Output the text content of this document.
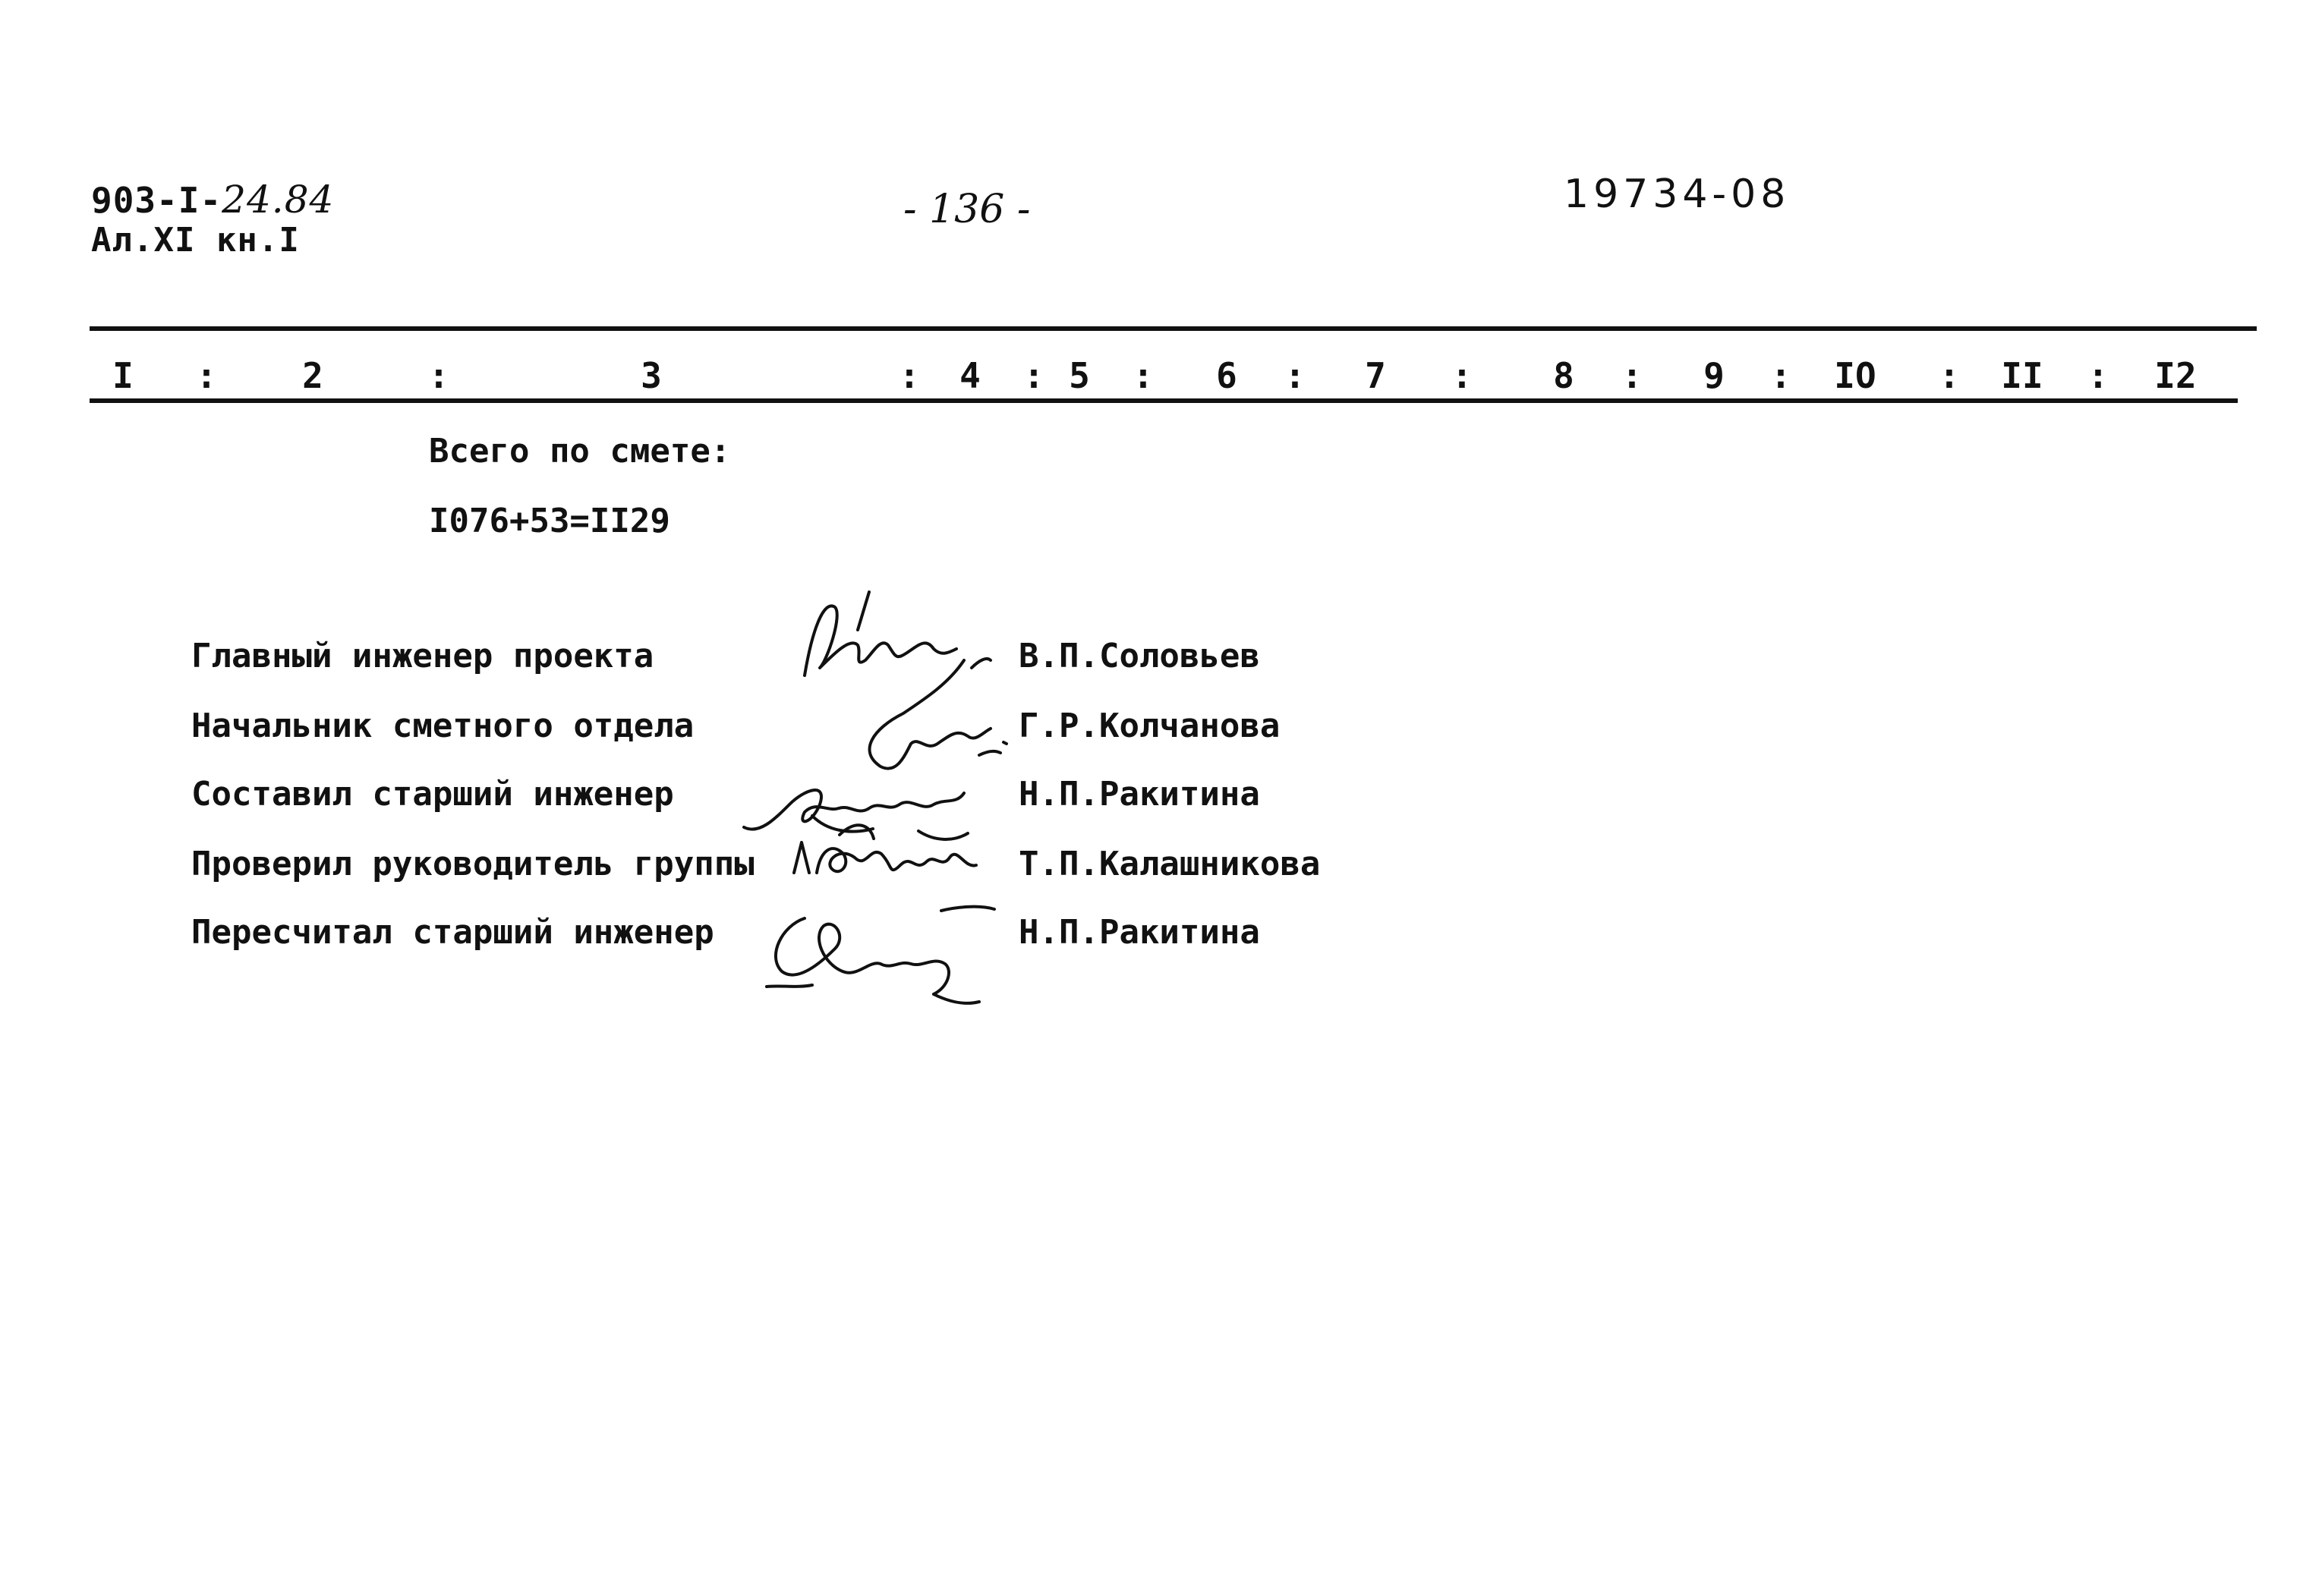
903-I-24.84
Ал.XI кн.I
- 136 -	19734-08
I : 2	:	3	: 4 : 5 : 6 : 7 : 8 : 9 : IO : II : I2
Всего по смете:
I076+53=II29
Главный инженер проекта	В.П.Соловьев
Начальник сметного отдела	Г.Р.Колчанова
Составил старший инженер	Н.П.Ракитина
Проверил руководитель группы	Т.П.Калашникова
Пересчитал старший инженер	Н.П.Ракитина
